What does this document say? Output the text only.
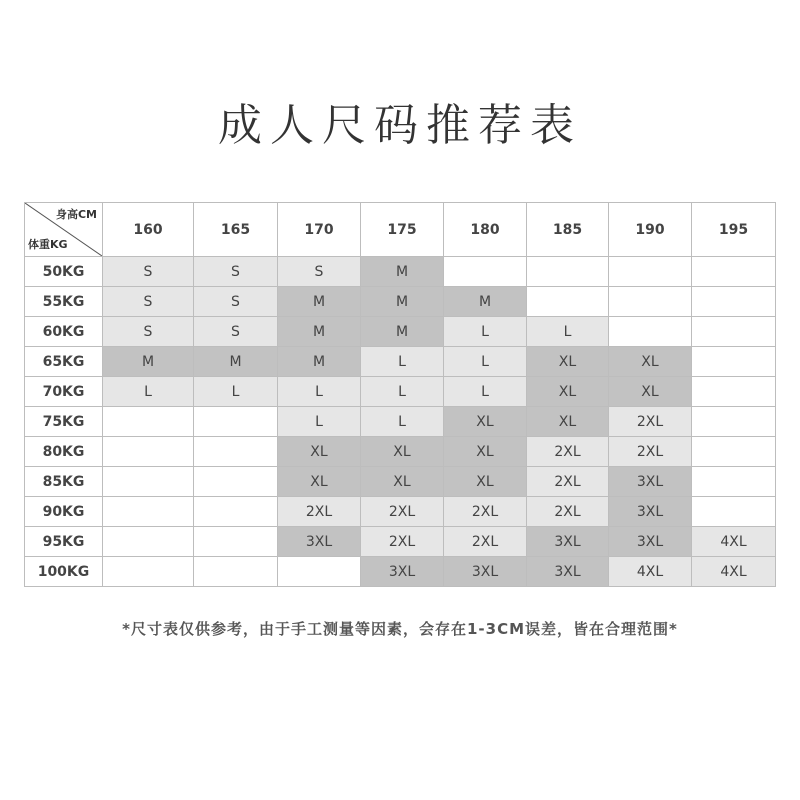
成人尺码推荐表
身高CM
体重KG	160	165	170	175	180	185	190	195
50KG	S	S	S	M				
55KG	S	S	M	M	M			
60KG	S	S	M	M	L	L		
65KG	M	M	M	L	L	XL	XL	
70KG	L	L	L	L	L	XL	XL	
75KG			L	L	XL	XL	2XL	
80KG			XL	XL	XL	2XL	2XL	
85KG			XL	XL	XL	2XL	3XL	
90KG			2XL	2XL	2XL	2XL	3XL	
95KG			3XL	2XL	2XL	3XL	3XL	4XL
100KG				3XL	3XL	3XL	4XL	4XL
*尺寸表仅供参考，由于手工测量等因素，会存在1-3CM误差，皆在合理范围*
